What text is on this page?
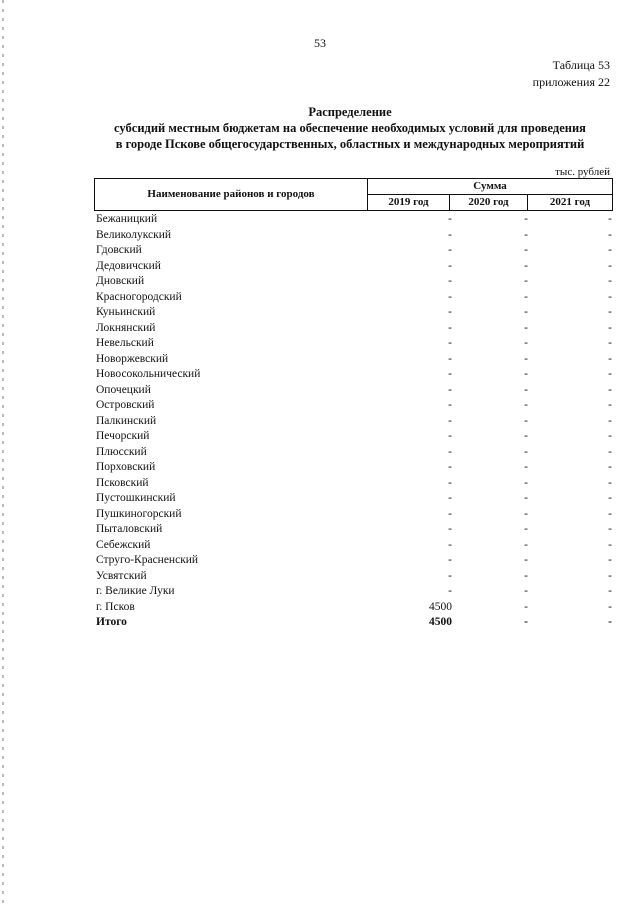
53
Таблица 53
приложения 22
Распределение
субсидий местным бюджетам на обеспечение необходимых условий для проведения
в городе Пскове общегосударственных, областных и международных мероприятий
тыс. рублей
Наименование районов и городов	Сумма		
	2019 год	2020 год	2021 год
Бежаницкий	-	-	-
Великолукский	-	-	-
Гдовский	-	-	-
Дедовичский	-	-	-
Дновский	-	-	-
Красногородский	-	-	-
Куньинский	-	-	-
Локнянский	-	-	-
Невельский	-	-	-
Новоржевский	-	-	-
Новосокольнический	-	-	-
Опочецкий	-	-	-
Островский	-	-	-
Палкинский	-	-	-
Печорский	-	-	-
Плюсский	-	-	-
Порховский	-	-	-
Псковский	-	-	-
Пустошкинский	-	-	-
Пушкиногорский	-	-	-
Пыталовский	-	-	-
Себежский	-	-	-
Струго-Красненский	-	-	-
Усвятский	-	-	-
г. Великие Луки	-	-	-
г. Псков	4500	-	-
Итого	4500	-	-
